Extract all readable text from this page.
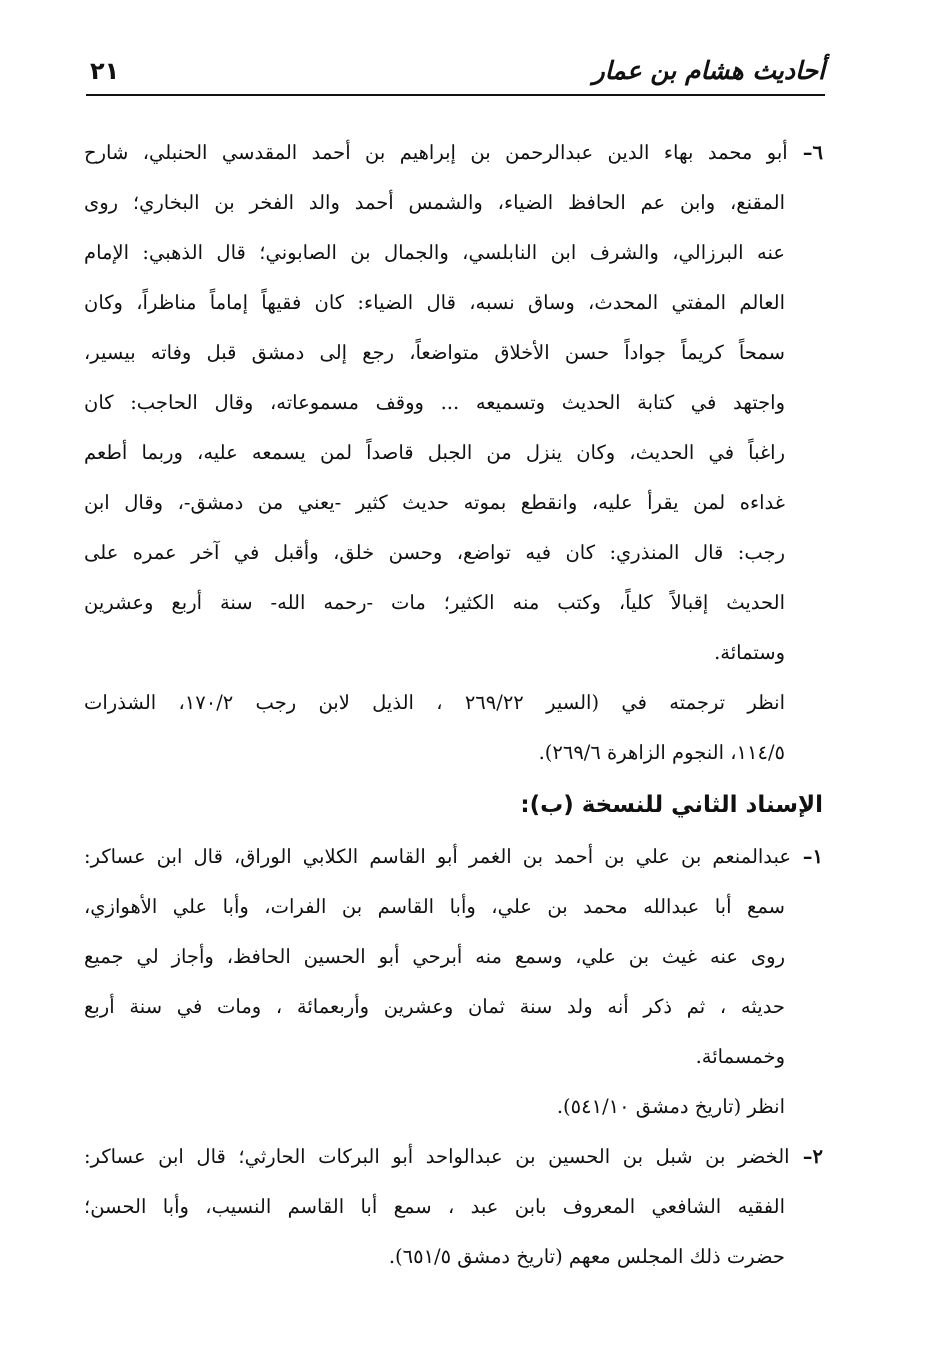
أحاديث هشام بن عمار
٢١
٦– أبو محمد بهاء الدين عبدالرحمن بن إبراهيم بن أحمد المقدسي الحنبلي، شارح
المقنع، وابن عم الحافظ الضياء، والشمس أحمد والد الفخر بن البخاري؛ روى
عنه البرزالي، والشرف ابن النابلسي، والجمال بن الصابوني؛ قال الذهبي: الإمام
العالم المفتي المحدث، وساق نسبه، قال الضياء: كان فقيهاً إماماً مناظراً، وكان
سمحاً كريماً جواداً حسن الأخلاق متواضعاً، رجع إلى دمشق قبل وفاته بيسير،
واجتهد في كتابة الحديث وتسميعه ... ووقف مسموعاته، وقال الحاجب: كان
راغباً في الحديث، وكان ينزل من الجبل قاصداً لمن يسمعه عليه، وربما أطعم
غداءه لمن يقرأ عليه، وانقطع بموته حديث كثير -يعني من دمشق-، وقال ابن
رجب: قال المنذري: كان فيه تواضع، وحسن خلق، وأقبل في آخر عمره على
الحديث إقبالاً كلياً، وكتب منه الكثير؛ مات -رحمه الله- سنة أربع وعشرين
وستمائة.
انظر ترجمته في (السير ٢٦٩/٢٢ ، الذيل لابن رجب ١٧٠/٢، الشذرات
١١٤/٥، النجوم الزاهرة ٢٦٩/٦).
الإسناد الثاني للنسخة (ب):
١– عبدالمنعم بن علي بن أحمد بن الغمر أبو القاسم الكلابي الوراق، قال ابن عساكر:
سمع أبا عبدالله محمد بن علي، وأبا القاسم بن الفرات، وأبا علي الأهوازي،
روى عنه غيث بن علي، وسمع منه أبرحي أبو الحسين الحافظ، وأجاز لي جميع
حديثه ، ثم ذكر أنه ولد سنة ثمان وعشرين وأربعمائة ، ومات في سنة أربع
وخمسمائة.
انظر (تاريخ دمشق ٥٤١/١٠).
٢– الخضر بن شبل بن الحسين بن عبدالواحد أبو البركات الحارثي؛ قال ابن عساكر:
الفقيه الشافعي المعروف بابن عبد ، سمع أبا القاسم النسيب، وأبا الحسن؛
حضرت ذلك المجلس معهم (تاريخ دمشق ٦٥١/٥).
